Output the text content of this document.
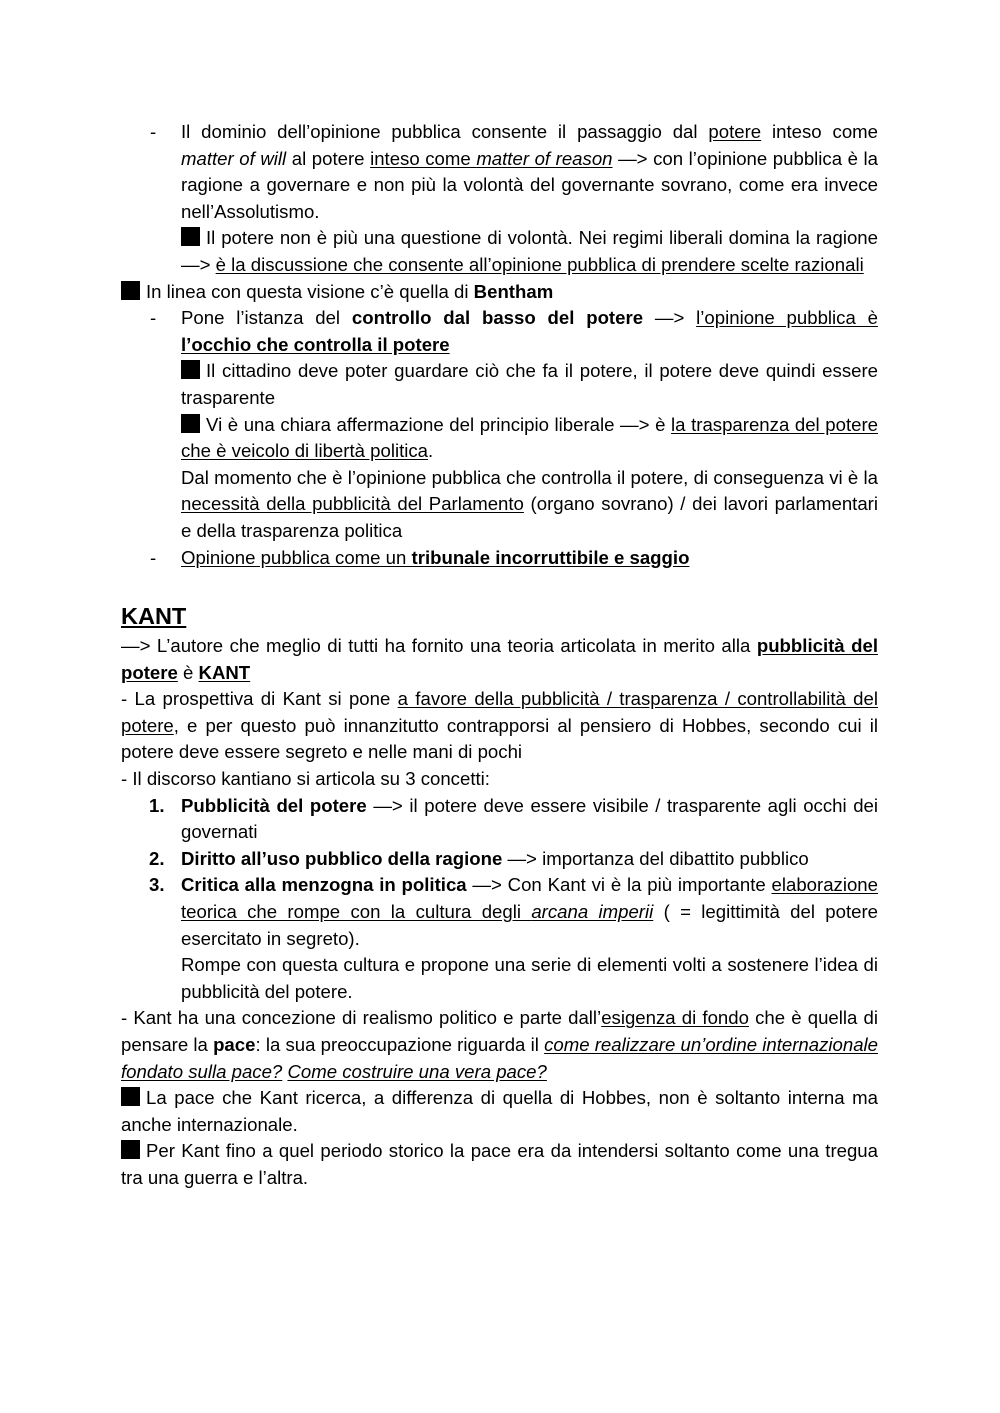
- Il dominio dell’opinione pubblica consente il passaggio dal potere inteso come matter of will al potere inteso come matter of reason —> con l’opinione pubblica è la ragione a governare e non più la volontà del governante sovrano, come era invece nell’Assolutismo.

Il potere non è più una questione di volontà. Nei regimi liberali domina la ragione —> è la discussione che consente all’opinione pubblica di prendere scelte razionali

In linea con questa visione c’è quella di Bentham

- Pone l’istanza del controllo dal basso del potere —> l’opinione pubblica è l’occhio che controlla il potere

Il cittadino deve poter guardare ciò che fa il potere, il potere deve quindi essere trasparente

Vi è una chiara affermazione del principio liberale —> è la trasparenza del potere che è veicolo di libertà politica.

Dal momento che è l’opinione pubblica che controlla il potere, di conseguenza vi è la necessità della pubblicità del Parlamento (organo sovrano) / dei lavori parlamentari e della trasparenza politica

- Opinione pubblica come un tribunale incorruttibile e saggio

KANT

—> L’autore che meglio di tutti ha fornito una teoria articolata in merito alla pubblicità del potere è KANT

- La prospettiva di Kant si pone a favore della pubblicità / trasparenza / controllabilità del potere, e per questo può innanzitutto contrapporsi al pensiero di Hobbes, secondo cui il potere deve essere segreto e nelle mani di pochi

- Il discorso kantiano si articola su 3 concetti:

1. Pubblicità del potere —> il potere deve essere visibile / trasparente agli occhi dei governati

2. Diritto all’uso pubblico della ragione —> importanza del dibattito pubblico

3. Critica alla menzogna in politica —> Con Kant vi è la più importante elaborazione teorica che rompe con la cultura degli arcana imperii ( = legittimità del potere esercitato in segreto).

Rompe con questa cultura e propone una serie di elementi volti a sostenere l’idea di pubblicità del potere.

- Kant ha una concezione di realismo politico e parte dall’esigenza di fondo che è quella di pensare la pace: la sua preoccupazione riguarda il come realizzare un’ordine internazionale fondato sulla pace? Come costruire una vera pace?

La pace che Kant ricerca, a differenza di quella di Hobbes, non è soltanto interna ma anche internazionale.

Per Kant fino a quel periodo storico la pace era da intendersi soltanto come una tregua tra una guerra e l’altra.
